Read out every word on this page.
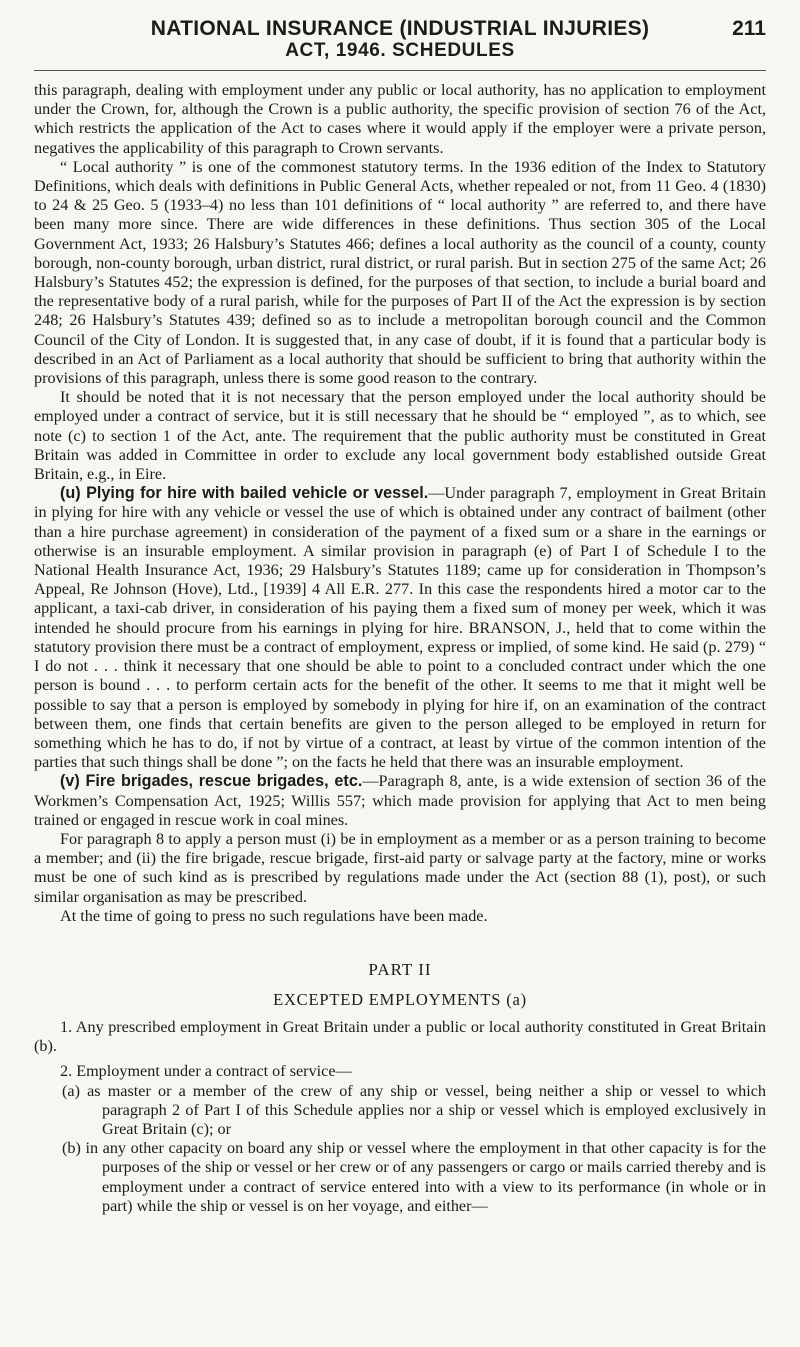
NATIONAL INSURANCE (INDUSTRIAL INJURIES)	211
ACT, 1946. SCHEDULES

this paragraph, dealing with employment under any public or local authority, has no application to employment under the Crown, for, although the Crown is a public authority, the specific provision of section 76 of the Act, which restricts the application of the Act to cases where it would apply if the employer were a private person, negatives the applicability of this paragraph to Crown servants.

“ Local authority ” is one of the commonest statutory terms. In the 1936 edition of the Index to Statutory Definitions, which deals with definitions in Public General Acts, whether repealed or not, from 11 Geo. 4 (1830) to 24 & 25 Geo. 5 (1933–4) no less than 101 definitions of “ local authority ” are referred to, and there have been many more since. There are wide differences in these definitions. Thus section 305 of the Local Government Act, 1933; 26 Halsbury’s Statutes 466; defines a local authority as the council of a county, county borough, non-county borough, urban district, rural district, or rural parish. But in section 275 of the same Act; 26 Halsbury’s Statutes 452; the expression is defined, for the purposes of that section, to include a burial board and the representative body of a rural parish, while for the purposes of Part II of the Act the expression is by section 248; 26 Halsbury’s Statutes 439; defined so as to include a metropolitan borough council and the Common Council of the City of London. It is suggested that, in any case of doubt, if it is found that a particular body is described in an Act of Parliament as a local authority that should be sufficient to bring that authority within the provisions of this paragraph, unless there is some good reason to the contrary.

It should be noted that it is not necessary that the person employed under the local authority should be employed under a contract of service, but it is still necessary that he should be “ employed ”, as to which, see note (c) to section 1 of the Act, ante. The requirement that the public authority must be constituted in Great Britain was added in Committee in order to exclude any local government body established outside Great Britain, e.g., in Eire.

(u) Plying for hire with bailed vehicle or vessel.—Under paragraph 7, employment in Great Britain in plying for hire with any vehicle or vessel the use of which is obtained under any contract of bailment (other than a hire purchase agreement) in consideration of the payment of a fixed sum or a share in the earnings or otherwise is an insurable employment. A similar provision in paragraph (e) of Part I of Schedule I to the National Health Insurance Act, 1936; 29 Halsbury’s Statutes 1189; came up for consideration in Thompson’s Appeal, Re Johnson (Hove), Ltd., [1939] 4 All E.R. 277. In this case the respondents hired a motor car to the applicant, a taxi-cab driver, in consideration of his paying them a fixed sum of money per week, which it was intended he should procure from his earnings in plying for hire. BRANSON, J., held that to come within the statutory provision there must be a contract of employment, express or implied, of some kind. He said (p. 279) “ I do not . . . think it necessary that one should be able to point to a concluded contract under which the one person is bound . . . to perform certain acts for the benefit of the other. It seems to me that it might well be possible to say that a person is employed by somebody in plying for hire if, on an examination of the contract between them, one finds that certain benefits are given to the person alleged to be employed in return for something which he has to do, if not by virtue of a contract, at least by virtue of the common intention of the parties that such things shall be done ”; on the facts he held that there was an insurable employment.

(v) Fire brigades, rescue brigades, etc.—Paragraph 8, ante, is a wide extension of section 36 of the Workmen’s Compensation Act, 1925; Willis 557; which made provision for applying that Act to men being trained or engaged in rescue work in coal mines.

For paragraph 8 to apply a person must (i) be in employment as a member or as a person training to become a member; and (ii) the fire brigade, rescue brigade, first-aid party or salvage party at the factory, mine or works must be one of such kind as is prescribed by regulations made under the Act (section 88 (1), post), or such similar organisation as may be prescribed.

At the time of going to press no such regulations have been made.

PART II
EXCEPTED EMPLOYMENTS (a)
1. Any prescribed employment in Great Britain under a public or local authority constituted in Great Britain (b).
2. Employment under a contract of service—
(a) as master or a member of the crew of any ship or vessel, being neither a ship or vessel to which paragraph 2 of Part I of this Schedule applies nor a ship or vessel which is employed exclusively in Great Britain (c); or
(b) in any other capacity on board any ship or vessel where the employment in that other capacity is for the purposes of the ship or vessel or her crew or of any passengers or cargo or mails carried thereby and is employment under a contract of service entered into with a view to its performance (in whole or in part) while the ship or vessel is on her voyage, and either—
